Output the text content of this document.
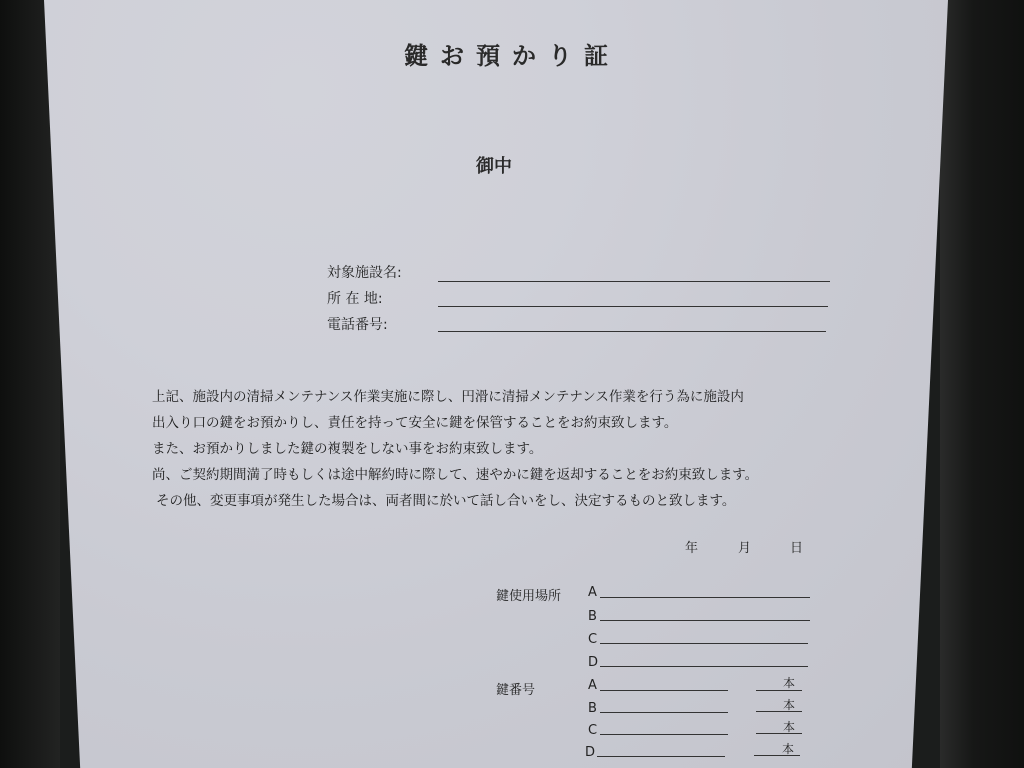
鍵お預かり証
御中
対象施設名:
所 在 地:
電話番号:
上記、施設内の清掃メンテナンス作業実施に際し、円滑に清掃メンテナンス作業を行う為に施設内
出入り口の鍵をお預かりし、責任を持って安全に鍵を保管することをお約束致します。
また、お預かりしました鍵の複製をしない事をお約束致します。
尚、ご契約期間満了時もしくは途中解約時に際して、速やかに鍵を返却することをお約束致します。
その他、変更事項が発生した場合は、両者間に於いて話し合いをし、決定するものと致します。
年	月	日
鍵使用場所 A
B
C
D
鍵番号	A	本
B	本
C	本
D	本
